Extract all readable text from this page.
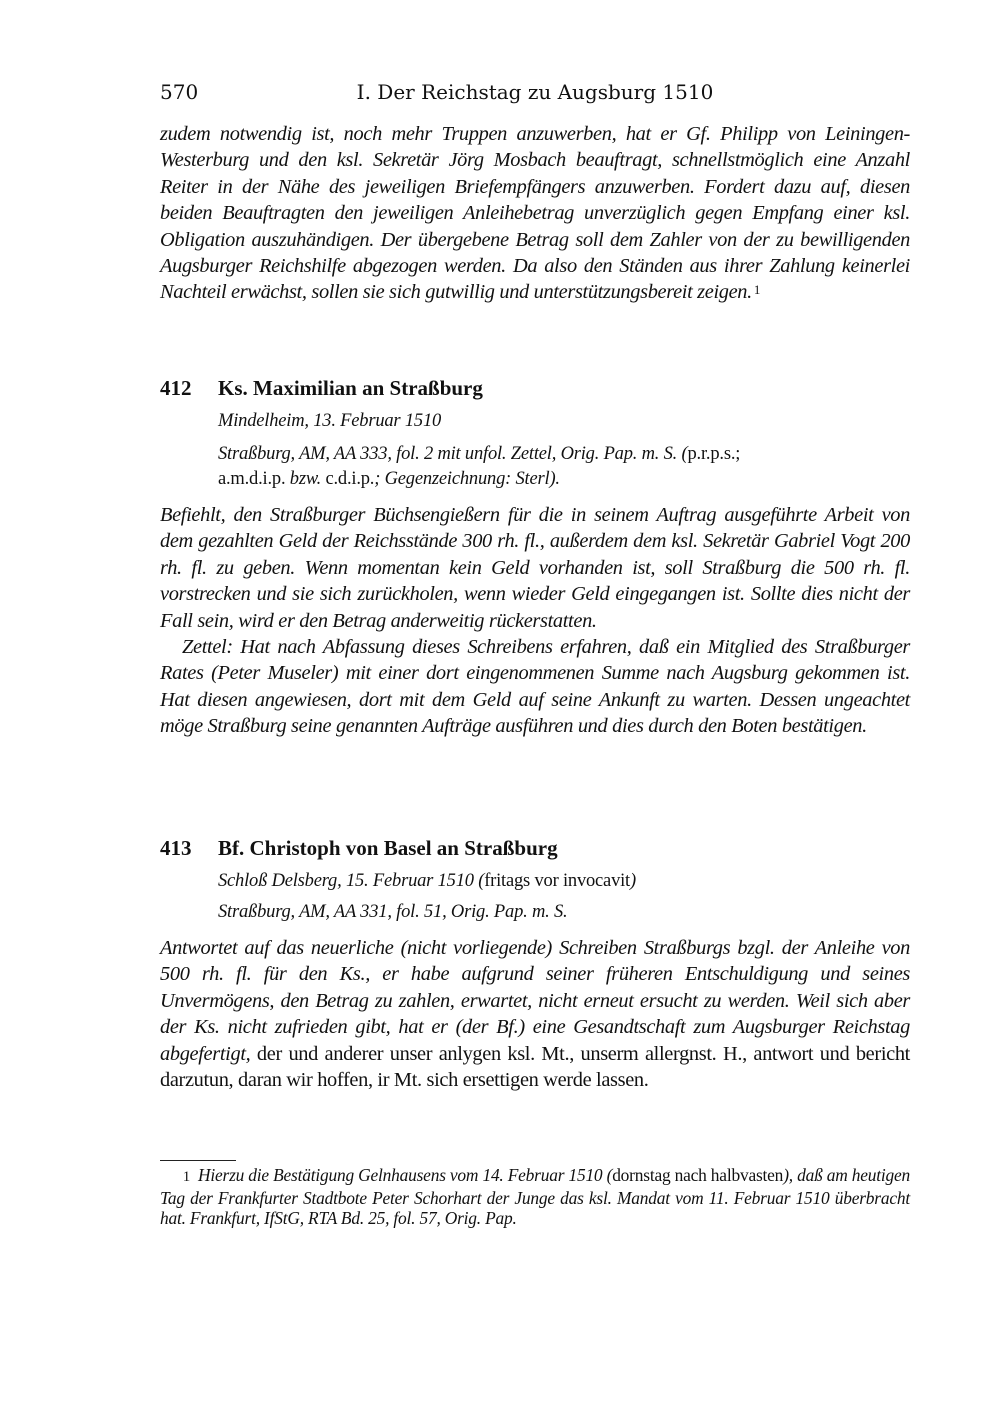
570	I. Der Reichstag zu Augsburg 1510

zudem notwendig ist, noch mehr Truppen anzuwerben, hat er Gf. Philipp von Leiningen-Westerburg und den ksl. Sekretär Jörg Mosbach beauftragt, schnellstmöglich eine Anzahl Reiter in der Nähe des jeweiligen Briefempfängers anzuwerben. Fordert dazu auf, diesen beiden Beauftragten den jeweiligen Anleihebetrag unverzüglich gegen Empfang einer ksl. Obligation auszuhändigen. Der übergebene Betrag soll dem Zahler von der zu bewilligenden Augsburger Reichshilfe abgezogen werden. Da also den Ständen aus ihrer Zahlung keinerlei Nachteil erwächst, sollen sie sich gutwillig und unterstützungsbereit zeigen. $^1$

412 Ks. Maximilian an Straßburg
Mindelheim, 13. Februar 1510
Straßburg, AM, AA 333, fol. 2 mit unfol. Zettel, Orig. Pap. m. S. (p.r.p.s.;
a.m.d.i.p. bzw. c.d.i.p.; Gegenzeichnung: Sterl).

Befiehlt, den Straßburger Büchsengießern für die in seinem Auftrag ausgeführte Arbeit von dem gezahlten Geld der Reichsstände 300 rh. fl., außerdem dem ksl. Sekretär Gabriel Vogt 200 rh. fl. zu geben. Wenn momentan kein Geld vorhanden ist, soll Straßburg die 500 rh. fl. vorstrecken und sie sich zurückholen, wenn wieder Geld eingegangen ist. Sollte dies nicht der Fall sein, wird er den Betrag anderweitig rückerstatten.

Zettel: Hat nach Abfassung dieses Schreibens erfahren, daß ein Mitglied des Straßburger Rates (Peter Museler) mit einer dort eingenommenen Summe nach Augsburg gekommen ist. Hat diesen angewiesen, dort mit dem Geld auf seine Ankunft zu warten. Dessen ungeachtet möge Straßburg seine genannten Aufträge ausführen und dies durch den Boten bestätigen.

413 Bf. Christoph von Basel an Straßburg
Schloß Delsberg, 15. Februar 1510 (fritags vor invocavit)
Straßburg, AM, AA 331, fol. 51, Orig. Pap. m. S.

Antwortet auf das neuerliche (nicht vorliegende) Schreiben Straßburgs bzgl. der Anleihe von 500 rh. fl. für den Ks., er habe aufgrund seiner früheren Entschuldigung und seines Unvermögens, den Betrag zu zahlen, erwartet, nicht erneut ersucht zu werden. Weil sich aber der Ks. nicht zufrieden gibt, hat er (der Bf.) eine Gesandtschaft zum Augsburger Reichstag abgefertigt, der und anderer unser anlygen ksl. Mt., unserm allergnst. H., antwort und bericht darzutun, daran wir hoffen, ir Mt. sich ersettigen werde lassen.

1 Hierzu die Bestätigung Gelnhausens vom 14. Februar 1510 (dornstag nach halbvasten), daß am heutigen Tag der Frankfurter Stadtbote Peter Schorhart der Junge das ksl. Mandat vom 11. Februar 1510 überbracht hat. Frankfurt, IfStG, RTA Bd. 25, fol. 57, Orig. Pap.
